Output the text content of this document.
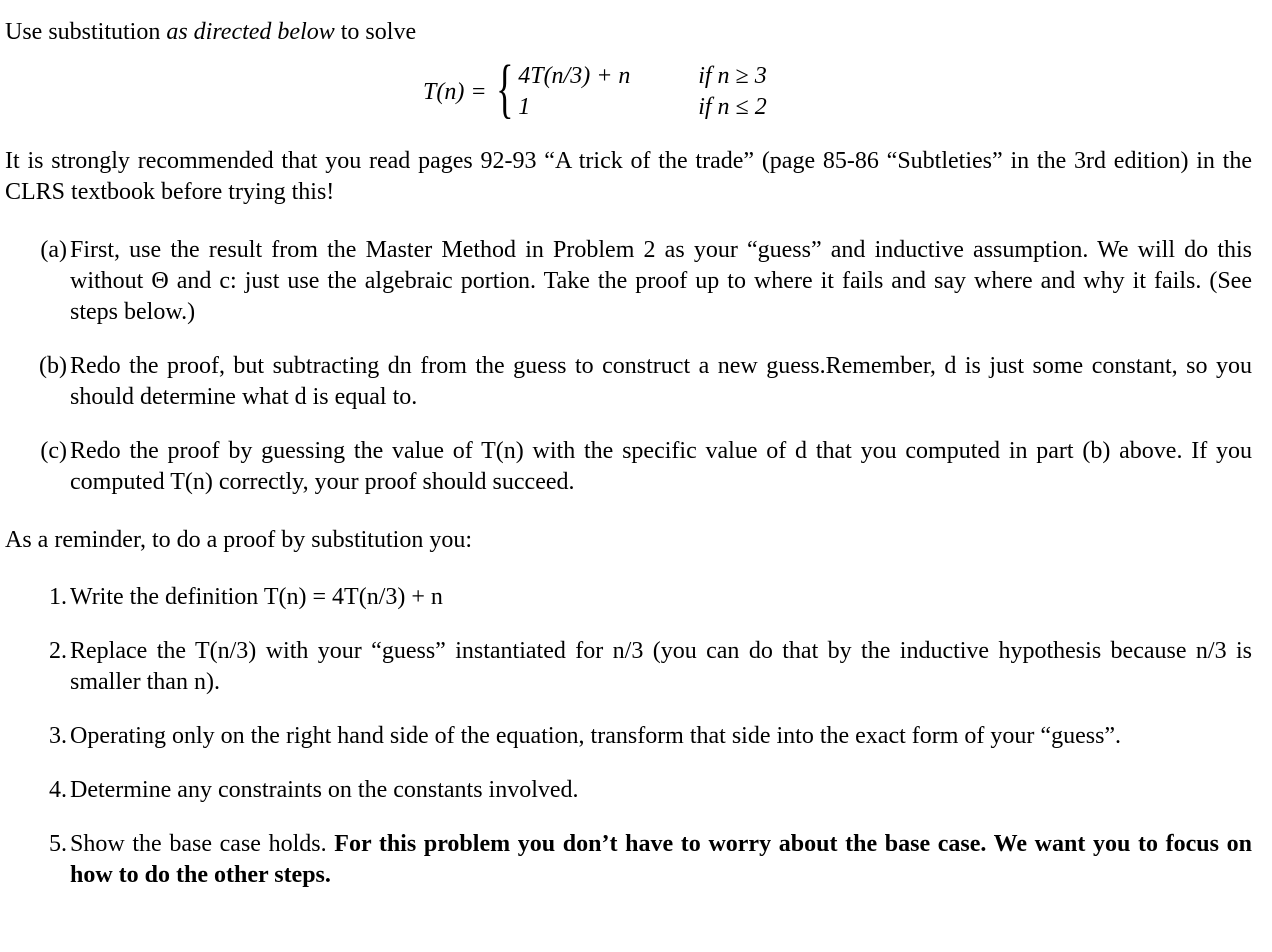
Use substitution as directed below to solve

T(n) = { 4T(n/3) + n	if n ≥ 3
1	if n ≤ 2

It is strongly recommended that you read pages 92-93 “A trick of the trade” (page 85-86 “Subtleties” in the 3rd edition) in the CLRS textbook before trying this!

(a) First, use the result from the Master Method in Problem 2 as your “guess” and inductive assumption. We will do this without Θ and c: just use the algebraic portion. Take the proof up to where it fails and say where and why it fails. (See steps below.)
(b) Redo the proof, but subtracting dn from the guess to construct a new guess.Remember, d is just some constant, so you should determine what d is equal to.
(c) Redo the proof by guessing the value of T(n) with the specific value of d that you computed in part (b) above. If you computed T(n) correctly, your proof should succeed.

As a reminder, to do a proof by substitution you:

1. Write the definition T(n) = 4T(n/3) + n
2. Replace the T(n/3) with your “guess” instantiated for n/3 (you can do that by the inductive hypothesis because n/3 is smaller than n).
3. Operating only on the right hand side of the equation, transform that side into the exact form of your “guess”.
4. Determine any constraints on the constants involved.
5. Show the base case holds. For this problem you don’t have to worry about the base case. We want you to focus on how to do the other steps.
